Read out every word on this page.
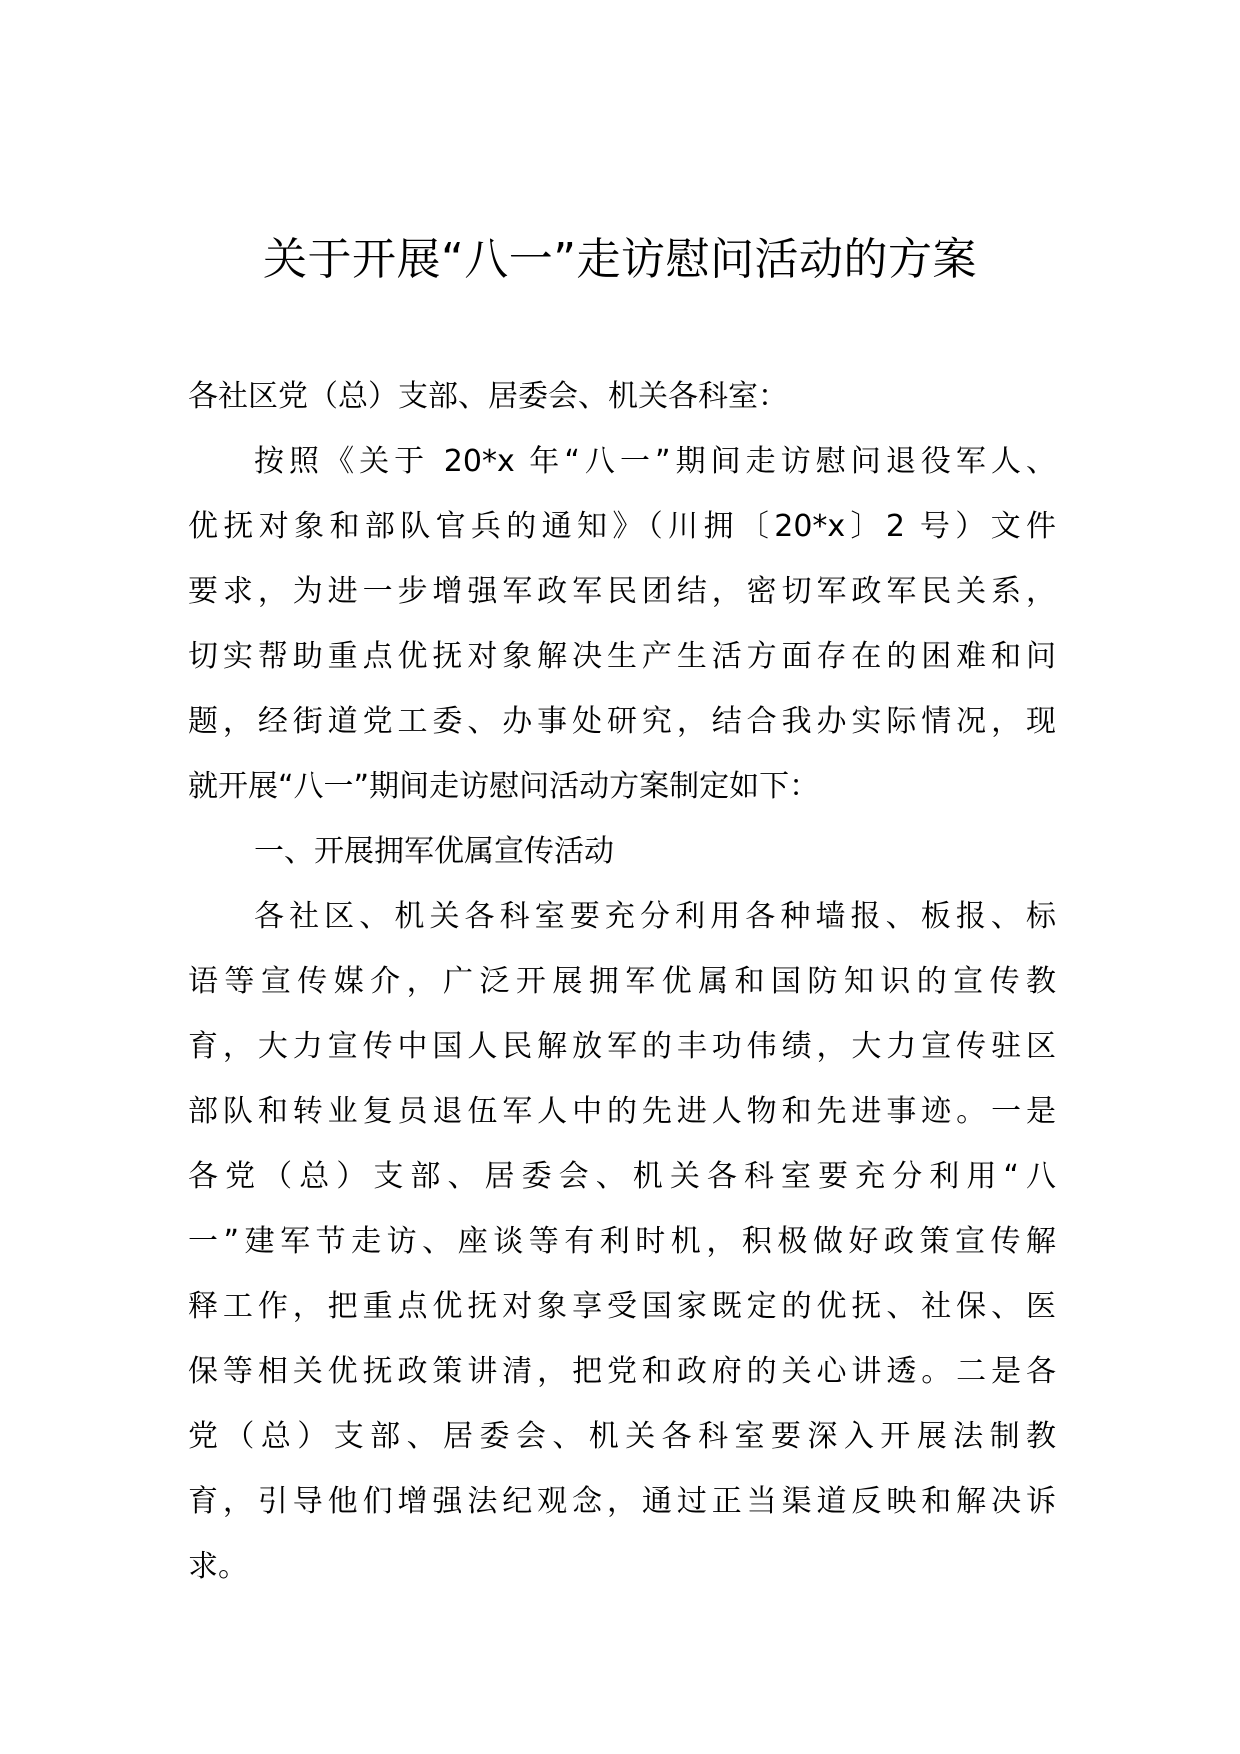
关于开展“八一”走访慰问活动的方案
各社区党（总）支部、居委会、机关各科室：
按照《关于 20*x 年“八一”期间走访慰问退役军人、
优抚对象和部队官兵的通知》（川拥〔20*x〕2 号）文件
要求，为进一步增强军政军民团结，密切军政军民关系，
切实帮助重点优抚对象解决生产生活方面存在的困难和问
题，经街道党工委、办事处研究，结合我办实际情况，现
就开展“八一”期间走访慰问活动方案制定如下：
一、开展拥军优属宣传活动
各社区、机关各科室要充分利用各种墙报、板报、标
语等宣传媒介，广泛开展拥军优属和国防知识的宣传教
育，大力宣传中国人民解放军的丰功伟绩，大力宣传驻区
部队和转业复员退伍军人中的先进人物和先进事迹。一是
各党（总）支部、居委会、机关各科室要充分利用“八
一”建军节走访、座谈等有利时机，积极做好政策宣传解
释工作，把重点优抚对象享受国家既定的优抚、社保、医
保等相关优抚政策讲清，把党和政府的关心讲透。二是各
党（总）支部、居委会、机关各科室要深入开展法制教
育，引导他们增强法纪观念，通过正当渠道反映和解决诉
求。
